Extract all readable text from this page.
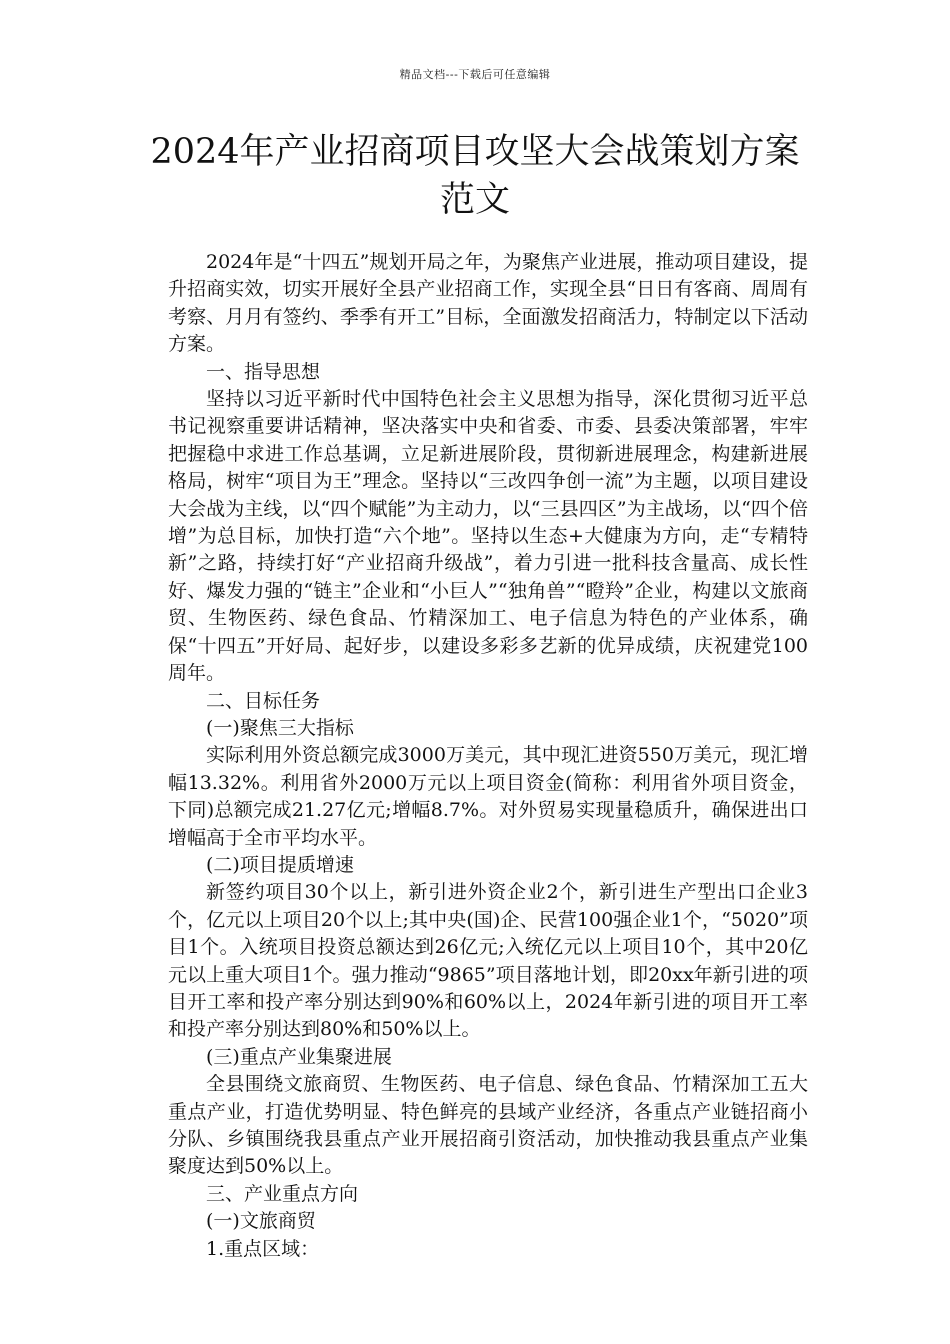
精品文档---下载后可任意编辑
2024年产业招商项目攻坚大会战策划方案
范文

2024年是“十四五”规划开局之年，为聚焦产业进展，推动项目建设，提升招商实效，切实开展好全县产业招商工作，实现全县“日日有客商、周周有考察、月月有签约、季季有开工”目标，全面激发招商活力，特制定以下活动方案。

一、指导思想

坚持以习近平新时代中国特色社会主义思想为指导，深化贯彻习近平总书记视察重要讲话精神，坚决落实中央和省委、市委、县委决策部署，牢牢把握稳中求进工作总基调，立足新进展阶段，贯彻新进展理念，构建新进展格局，树牢“项目为王”理念。坚持以“三改四争创一流”为主题，以项目建设大会战为主线，以“四个赋能”为主动力，以“三县四区”为主战场，以“四个倍增”为总目标，加快打造“六个地”。坚持以生态+大健康为方向，走“专精特新”之路，持续打好“产业招商升级战”，着力引进一批科技含量高、成长性好、爆发力强的“链主”企业和“小巨人”“独角兽”“瞪羚”企业，构建以文旅商贸、生物医药、绿色食品、竹精深加工、电子信息为特色的产业体系，确保“十四五”开好局、起好步，以建设多彩多艺新的优异成绩，庆祝建党100周年。

二、目标任务

(一)聚焦三大指标

实际利用外资总额完成3000万美元，其中现汇进资550万美元，现汇增幅13.32%。利用省外2000万元以上项目资金(简称：利用省外项目资金，下同)总额完成21.27亿元;增幅8.7%。对外贸易实现量稳质升，确保进出口增幅高于全市平均水平。

(二)项目提质增速

新签约项目30个以上，新引进外资企业2个，新引进生产型出口企业3个，亿元以上项目20个以上;其中央(国)企、民营100强企业1个，“5020”项目1个。入统项目投资总额达到26亿元;入统亿元以上项目10个，其中20亿元以上重大项目1个。强力推动“9865”项目落地计划，即20xx年新引进的项目开工率和投产率分别达到90%和60%以上，2024年新引进的项目开工率和投产率分别达到80%和50%以上。

(三)重点产业集聚进展

全县围绕文旅商贸、生物医药、电子信息、绿色食品、竹精深加工五大重点产业，打造优势明显、特色鲜亮的县域产业经济，各重点产业链招商小分队、乡镇围绕我县重点产业开展招商引资活动，加快推动我县重点产业集聚度达到50%以上。

三、产业重点方向

(一)文旅商贸

1.重点区域：
